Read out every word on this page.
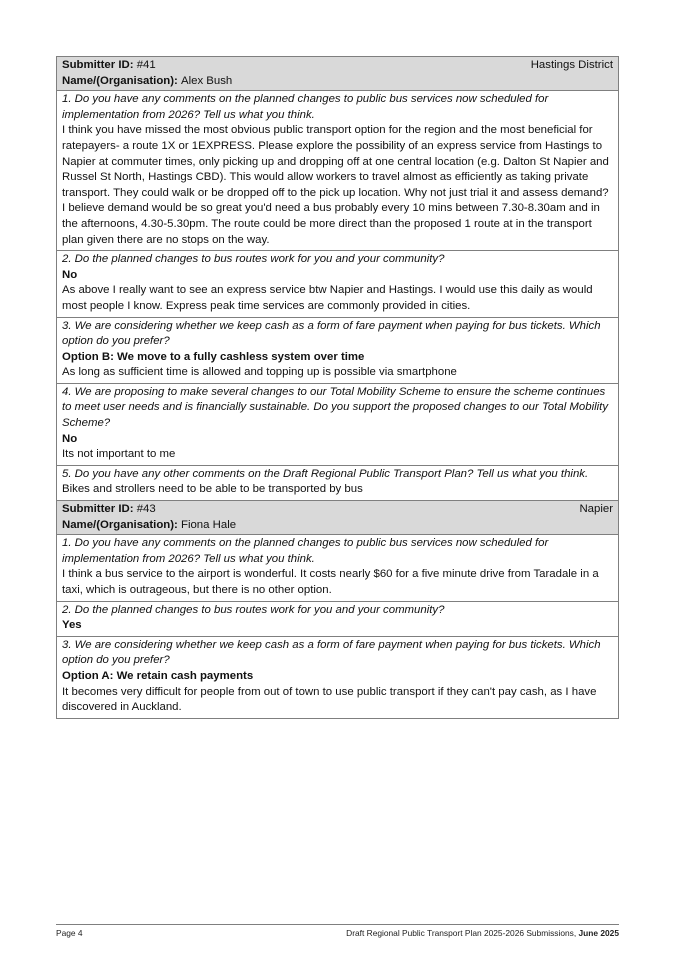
Submitter ID: #41	Hastings District
Name/(Organisation): Alex Bush

1. Do you have any comments on the planned changes to public bus services now scheduled for implementation from 2026? Tell us what you think.

I think you have missed the most obvious public transport option for the region and the most beneficial for ratepayers- a route 1X or 1EXPRESS. Please explore the possibility of an express service from Hastings to Napier at commuter times, only picking up and dropping off at one central location (e.g. Dalton St Napier and Russel St North, Hastings CBD). This would allow workers to travel almost as efficiently as taking private transport. They could walk or be dropped off to the pick up location. Why not just trial it and assess demand? I believe demand would be so great you'd need a bus probably every 10 mins between 7.30-8.30am and in the afternoons, 4.30-5.30pm. The route could be more direct than the proposed 1 route at in the transport plan given there are no stops on the way.

2. Do the planned changes to bus routes work for you and your community?

No

As above I really want to see an express service btw Napier and Hastings. I would use this daily as would most people I know. Express peak time services are commonly provided in cities.

3. We are considering whether we keep cash as a form of fare payment when paying for bus tickets. Which option do you prefer?

Option B: We move to a fully cashless system over time

As long as sufficient time is allowed and topping up is possible via smartphone

4. We are proposing to make several changes to our Total Mobility Scheme to ensure the scheme continues to meet user needs and is financially sustainable. Do you support the proposed changes to our Total Mobility Scheme?

No

Its not important to me

5. Do you have any other comments on the Draft Regional Public Transport Plan? Tell us what you think.

Bikes and strollers need to be able to be transported by bus

Submitter ID: #43	Napier
Name/(Organisation): Fiona Hale

1. Do you have any comments on the planned changes to public bus services now scheduled for implementation from 2026? Tell us what you think.

I think a bus service to the airport is wonderful. It costs nearly $60 for a five minute drive from Taradale in a taxi, which is outrageous, but there is no other option.

2. Do the planned changes to bus routes work for you and your community?

Yes

3. We are considering whether we keep cash as a form of fare payment when paying for bus tickets. Which option do you prefer?

Option A: We retain cash payments

It becomes very difficult for people from out of town to use public transport if they can't pay cash, as I have discovered in Auckland.

Page 4	Draft Regional Public Transport Plan 2025-2026 Submissions, June 2025
